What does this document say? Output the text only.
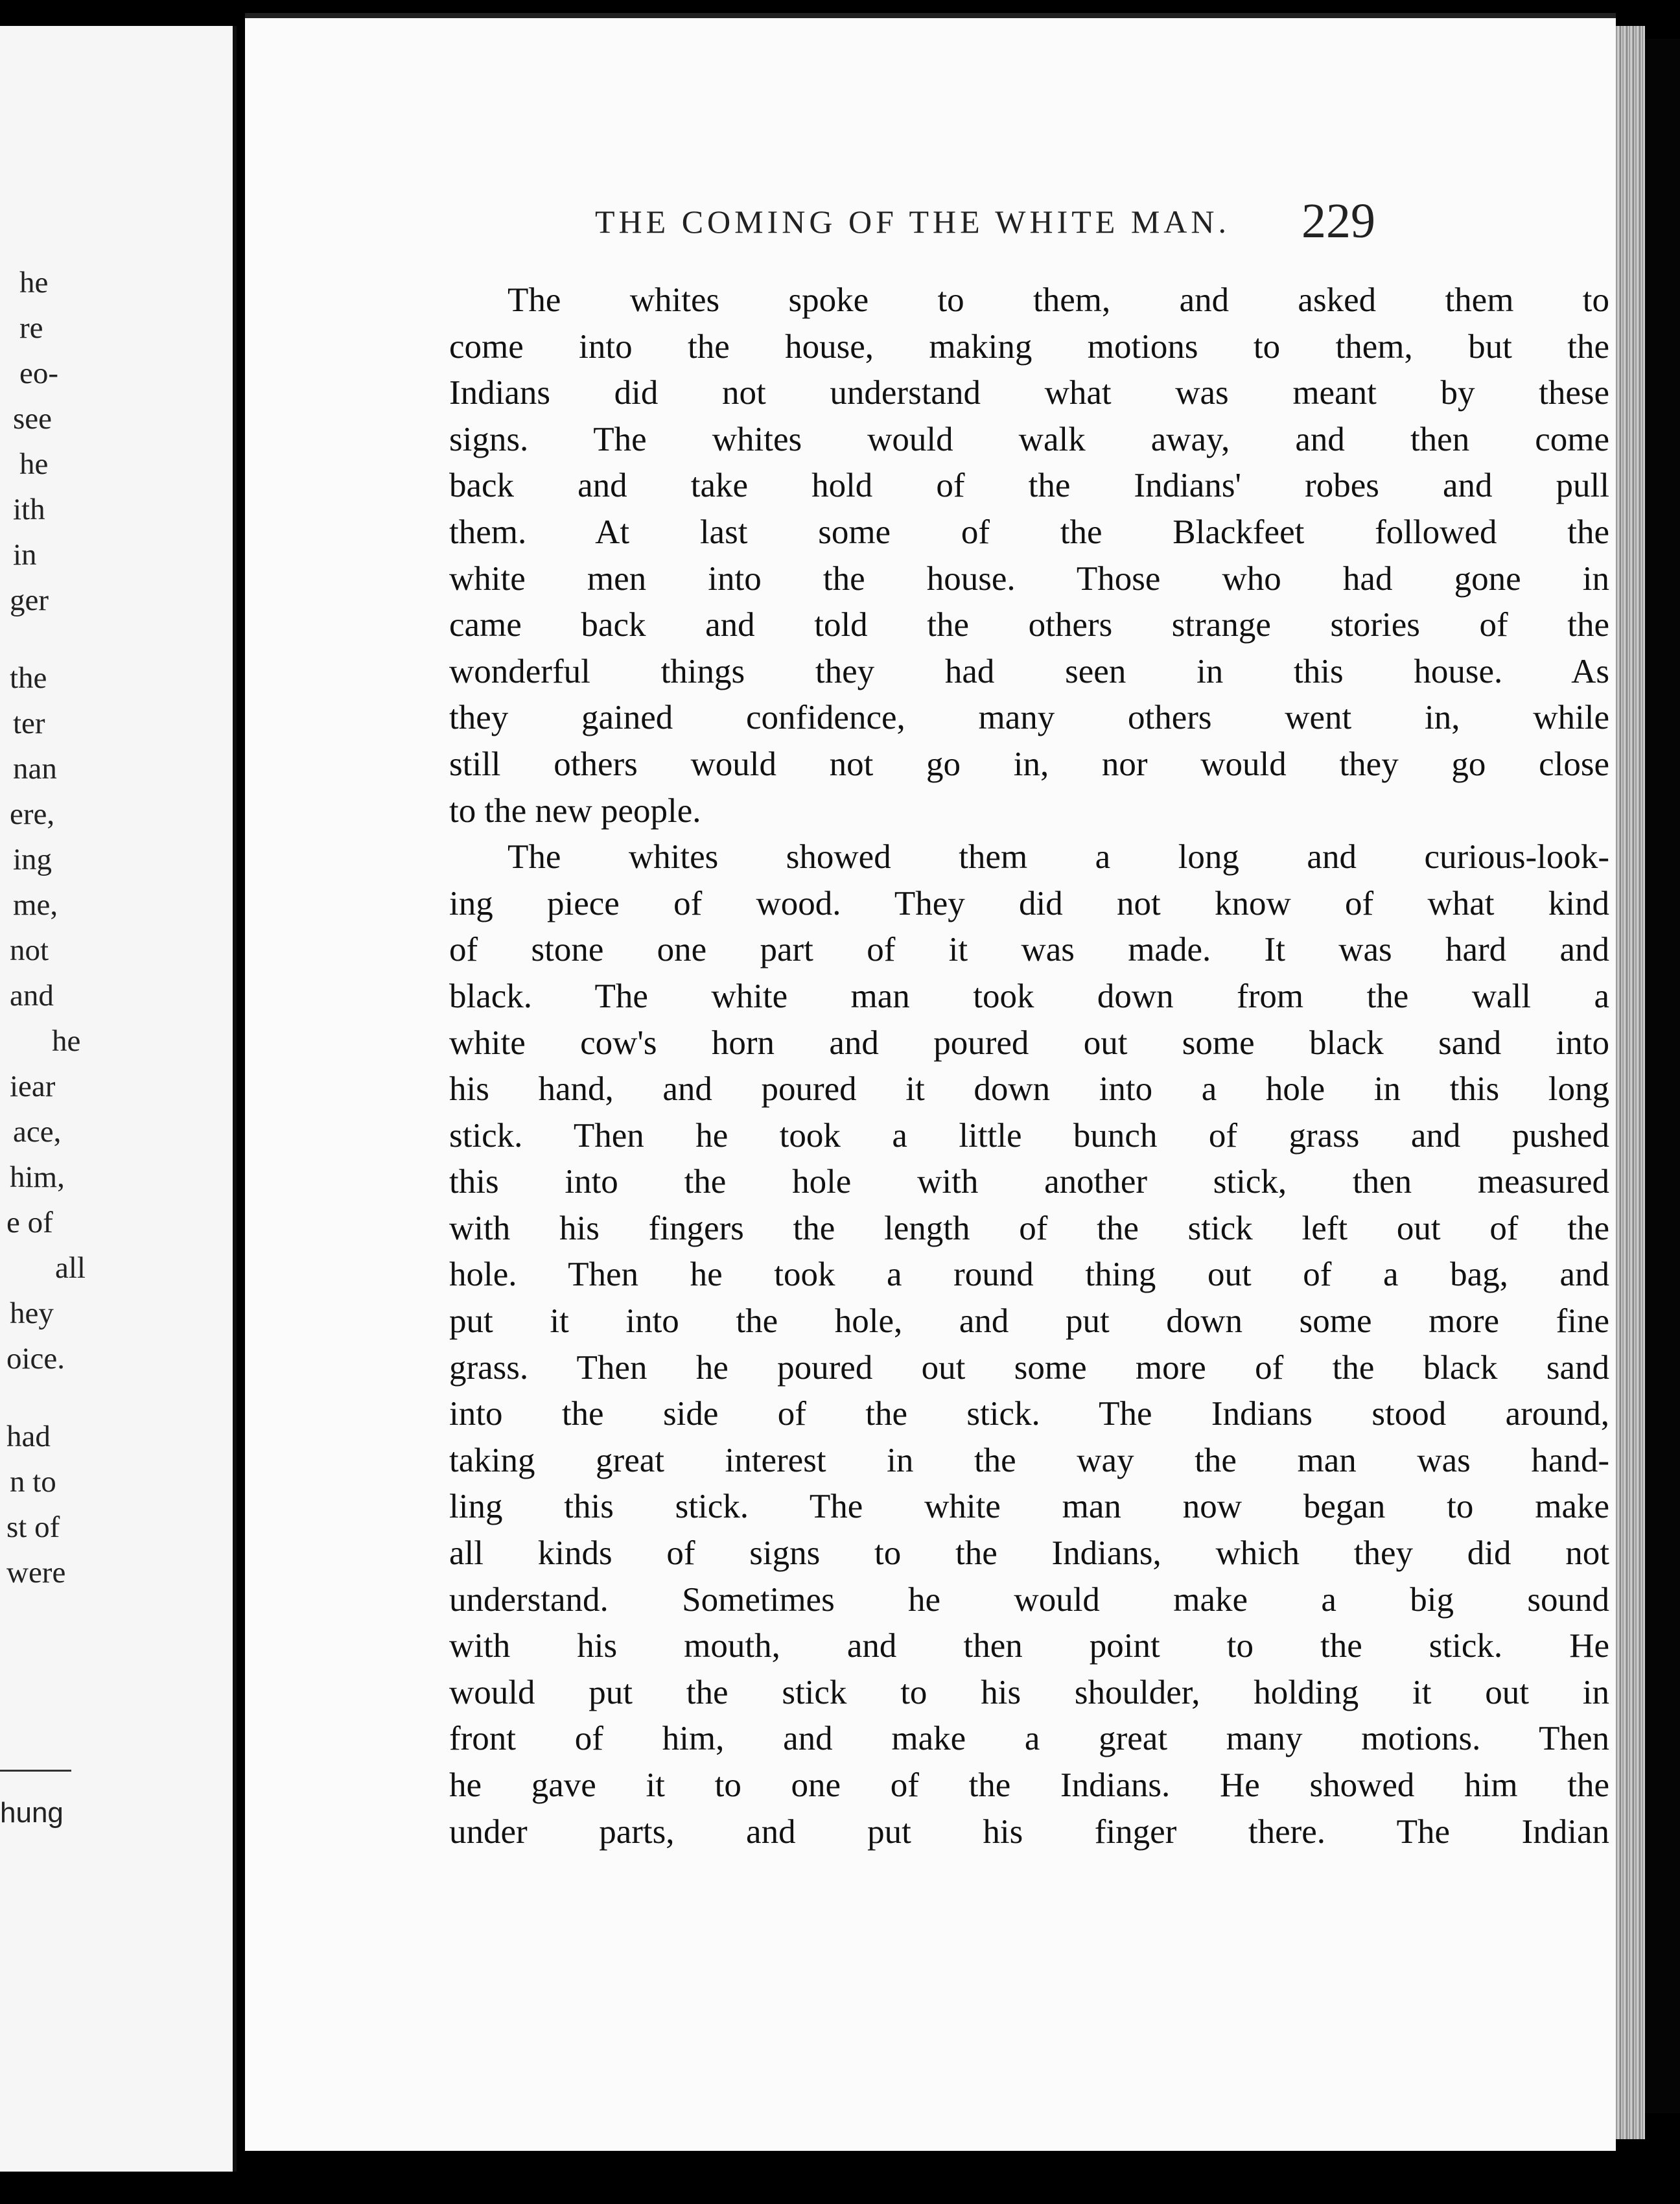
he
re
eo-
see
he
ith
in
ger
the
ter
nan
ere,
ing
me,
not
and
he
iear
ace,
him,
e of
all
hey
oice.
had
n to
st of
were
hung
THE COMING OF THE WHITE MAN. 229
The whites spoke to them, and asked them to
come into the house, making motions to them, but the
Indians did not understand what was meant by these
signs. The whites would walk away, and then come
back and take hold of the Indians' robes and pull
them. At last some of the Blackfeet followed the
white men into the house. Those who had gone in
came back and told the others strange stories of the
wonderful things they had seen in this house. As
they gained confidence, many others went in, while
still others would not go in, nor would they go close
to the new people.
The whites showed them a long and curious-look-
ing piece of wood. They did not know of what kind
of stone one part of it was made. It was hard and
black. The white man took down from the wall a
white cow's horn and poured out some black sand into
his hand, and poured it down into a hole in this long
stick. Then he took a little bunch of grass and pushed
this into the hole with another stick, then measured
with his fingers the length of the stick left out of the
hole. Then he took a round thing out of a bag, and
put it into the hole, and put down some more fine
grass. Then he poured out some more of the black sand
into the side of the stick. The Indians stood around,
taking great interest in the way the man was hand-
ling this stick. The white man now began to make
all kinds of signs to the Indians, which they did not
understand. Sometimes he would make a big sound
with his mouth, and then point to the stick. He
would put the stick to his shoulder, holding it out in
front of him, and make a great many motions. Then
he gave it to one of the Indians. He showed him the
under parts, and put his finger there. The Indian
